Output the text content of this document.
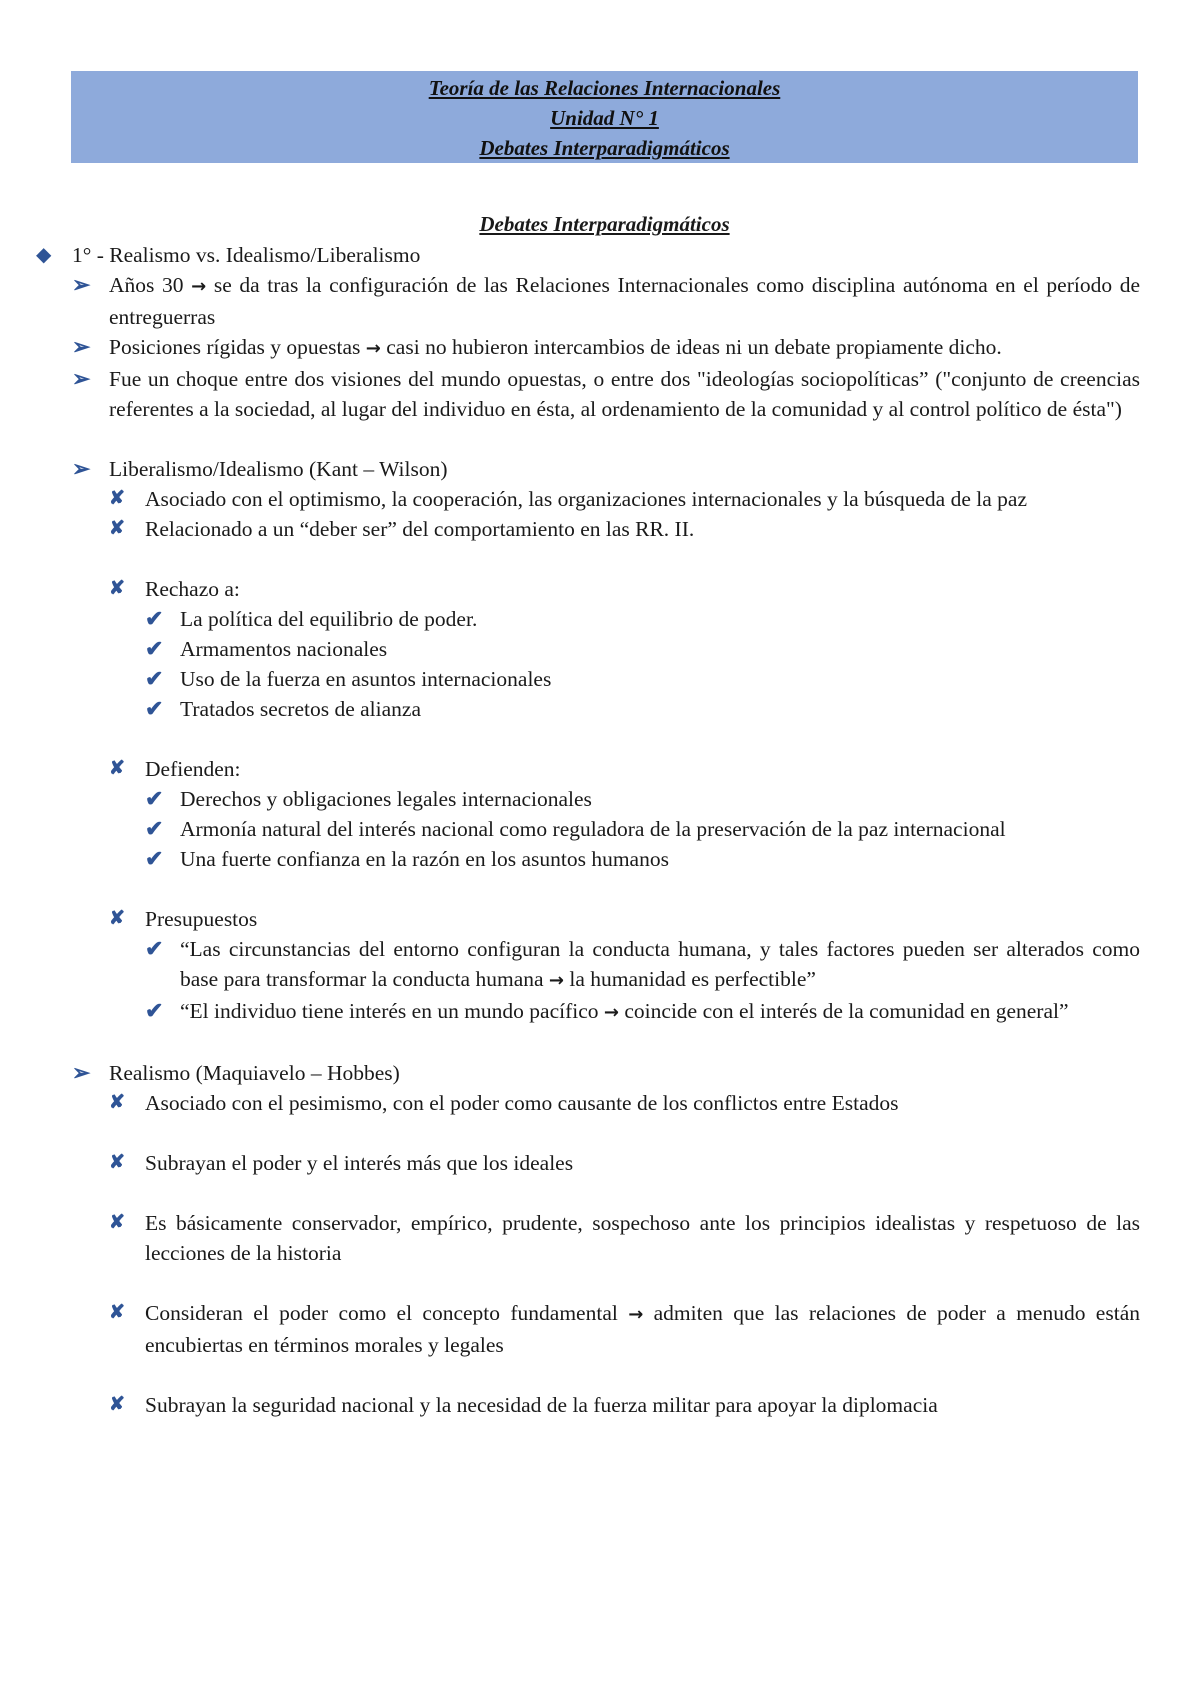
Teoría de las Relaciones Internacionales
Unidad N° 1
Debates Interparadigmáticos
Debates Interparadigmáticos
◆ 1° - Realismo vs. Idealismo/Liberalismo
➢ Años 30 → se da tras la configuración de las Relaciones Internacionales como disciplina autónoma en el período de entreguerras
➢ Posiciones rígidas y opuestas → casi no hubieron intercambios de ideas ni un debate propiamente dicho.
➢ Fue un choque entre dos visiones del mundo opuestas, o entre dos "ideologías sociopolíticas” ("conjunto de creencias referentes a la sociedad, al lugar del individuo en ésta, al ordenamiento de la comunidad y al control político de ésta")
➢ Liberalismo/Idealismo (Kant – Wilson)
✘ Asociado con el optimismo, la cooperación, las organizaciones internacionales y la búsqueda de la paz
✘ Relacionado a un “deber ser” del comportamiento en las RR. II.
✘ Rechazo a:
✔ La política del equilibrio de poder.
✔ Armamentos nacionales
✔ Uso de la fuerza en asuntos internacionales
✔ Tratados secretos de alianza
✘ Defienden:
✔ Derechos y obligaciones legales internacionales
✔ Armonía natural del interés nacional como reguladora de la preservación de la paz internacional
✔ Una fuerte confianza en la razón en los asuntos humanos
✘ Presupuestos
✔ “Las circunstancias del entorno configuran la conducta humana, y tales factores pueden ser alterados como base para transformar la conducta humana → la humanidad es perfectible”
✔ “El individuo tiene interés en un mundo pacífico → coincide con el interés de la comunidad en general”
➢ Realismo (Maquiavelo – Hobbes)
✘ Asociado con el pesimismo, con el poder como causante de los conflictos entre Estados
✘ Subrayan el poder y el interés más que los ideales
✘ Es básicamente conservador, empírico, prudente, sospechoso ante los principios idealistas y respetuoso de las lecciones de la historia
✘ Consideran el poder como el concepto fundamental → admiten que las relaciones de poder a menudo están encubiertas en términos morales y legales
✘ Subrayan la seguridad nacional y la necesidad de la fuerza militar para apoyar la diplomacia
